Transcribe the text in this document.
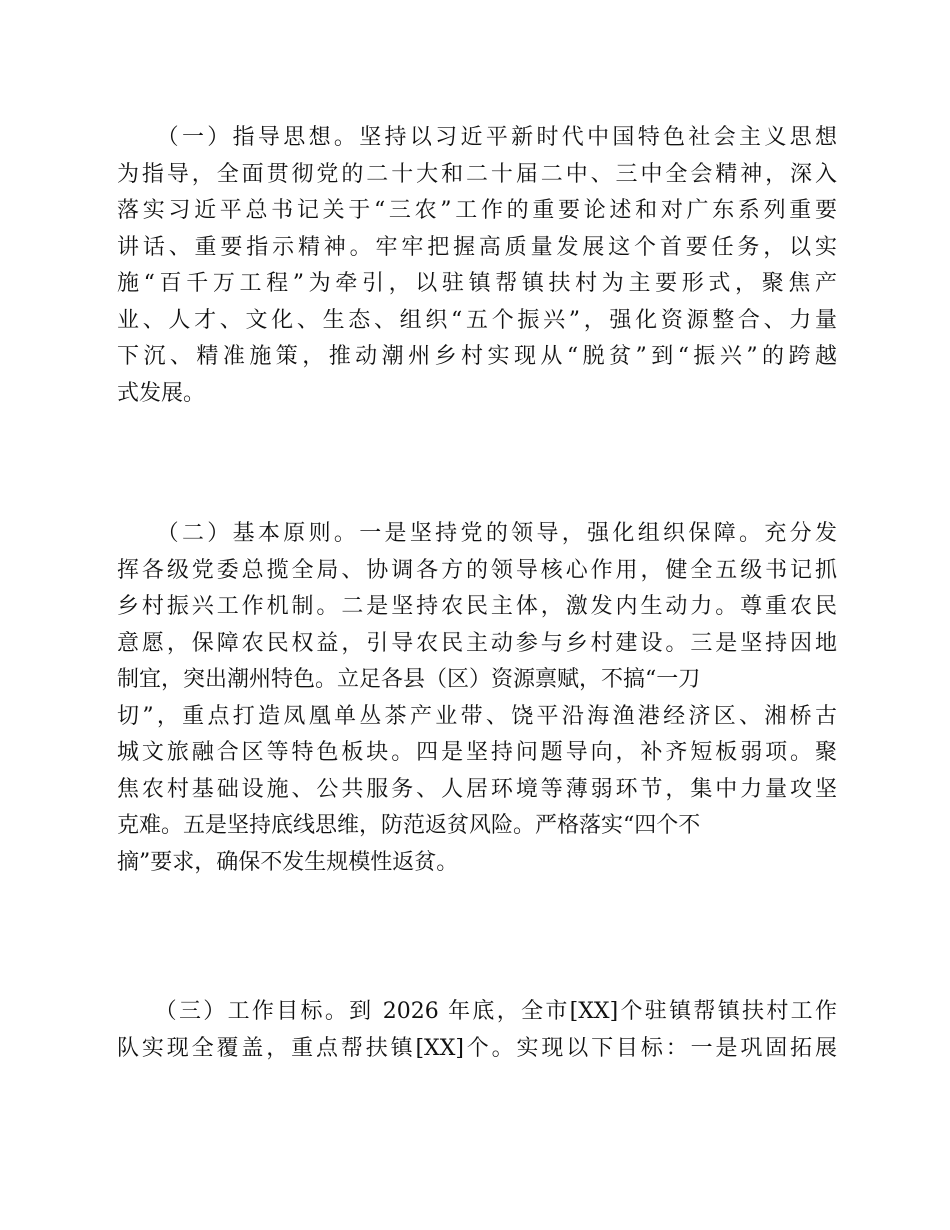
　　（一）指导思想。坚持以习近平新时代中国特色社会主义思想
为指导，全面贯彻党的二十大和二十届二中、三中全会精神，深入
落实习近平总书记关于“三农”工作的重要论述和对广东系列重要
讲话、重要指示精神。牢牢把握高质量发展这个首要任务，以实
施“百千万工程”为牵引，以驻镇帮镇扶村为主要形式，聚焦产
业、人才、文化、生态、组织“五个振兴”，强化资源整合、力量
下沉、精准施策，推动潮州乡村实现从“脱贫”到“振兴”的跨越
式发展。
　　（二）基本原则。一是坚持党的领导，强化组织保障。充分发
挥各级党委总揽全局、协调各方的领导核心作用，健全五级书记抓
乡村振兴工作机制。二是坚持农民主体，激发内生动力。尊重农民
意愿，保障农民权益，引导农民主动参与乡村建设。三是坚持因地
制宜，突出潮州特色。立足各县（区）资源禀赋，不搞“一刀
切”，重点打造凤凰单丛茶产业带、饶平沿海渔港经济区、湘桥古
城文旅融合区等特色板块。四是坚持问题导向，补齐短板弱项。聚
焦农村基础设施、公共服务、人居环境等薄弱环节，集中力量攻坚
克难。五是坚持底线思维，防范返贫风险。严格落实“四个不
摘”要求，确保不发生规模性返贫。
　　（三）工作目标。到 2026 年底，全市[XX]个驻镇帮镇扶村工作
队实现全覆盖，重点帮扶镇[XX]个。实现以下目标：一是巩固拓展
